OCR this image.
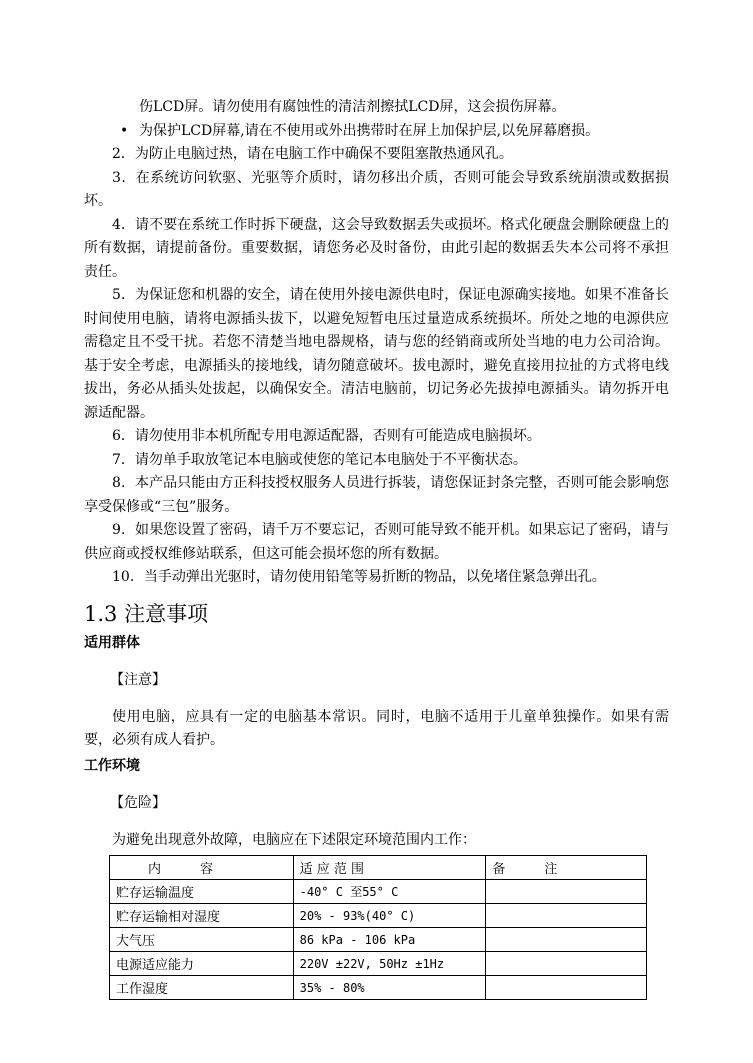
伤LCD屏。请勿使用有腐蚀性的清洁剂擦拭LCD屏，这会损伤屏幕。

• 为保护LCD屏幕,请在不使用或外出携带时在屏上加保护层,以免屏幕磨损。

2．为防止电脑过热，请在电脑工作中确保不要阻塞散热通风孔。

3．在系统访问软驱、光驱等介质时，请勿移出介质，否则可能会导致系统崩溃或数据损坏。

4．请不要在系统工作时拆下硬盘，这会导致数据丢失或损坏。格式化硬盘会删除硬盘上的所有数据，请提前备份。重要数据，请您务必及时备份，由此引起的数据丢失本公司将不承担责任。

5．为保证您和机器的安全，请在使用外接电源供电时，保证电源确实接地。如果不准备长时间使用电脑，请将电源插头拔下，以避免短暂电压过量造成系统损坏。所处之地的电源供应需稳定且不受干扰。若您不清楚当地电器规格，请与您的经销商或所处当地的电力公司洽询。基于安全考虑，电源插头的接地线，请勿随意破坏。拔电源时，避免直接用拉扯的方式将电线拔出，务必从插头处拔起，以确保安全。清洁电脑前，切记务必先拔掉电源插头。请勿拆开电源适配器。

6．请勿使用非本机所配专用电源适配器，否则有可能造成电脑损坏。

7．请勿单手取放笔记本电脑或使您的笔记本电脑处于不平衡状态。

8．本产品只能由方正科技授权服务人员进行拆装，请您保证封条完整，否则可能会影响您享受保修或“三包”服务。

9．如果您设置了密码，请千万不要忘记，否则可能导致不能开机。如果忘记了密码，请与供应商或授权维修站联系，但这可能会损坏您的所有数据。

10．当手动弹出光驱时，请勿使用铅笔等易折断的物品，以免堵住紧急弹出孔。

1.3 注意事项

适用群体

【注意】

使用电脑，应具有一定的电脑基本常识。同时，电脑不适用于儿童单独操作。如果有需要，必须有成人看护。

工作环境

【危险】

为避免出现意外故障，电脑应在下述限定环境范围内工作：

内　　　容	适 应 范 围	备　　　注
贮存运输温度	-40° C 至55° C	
贮存运输相对湿度	20% - 93%(40° C)	
大气压	86 kPa - 106 kPa	
电源适应能力	220V ±22V, 50Hz ±1Hz	
工作湿度	35% - 80%	
